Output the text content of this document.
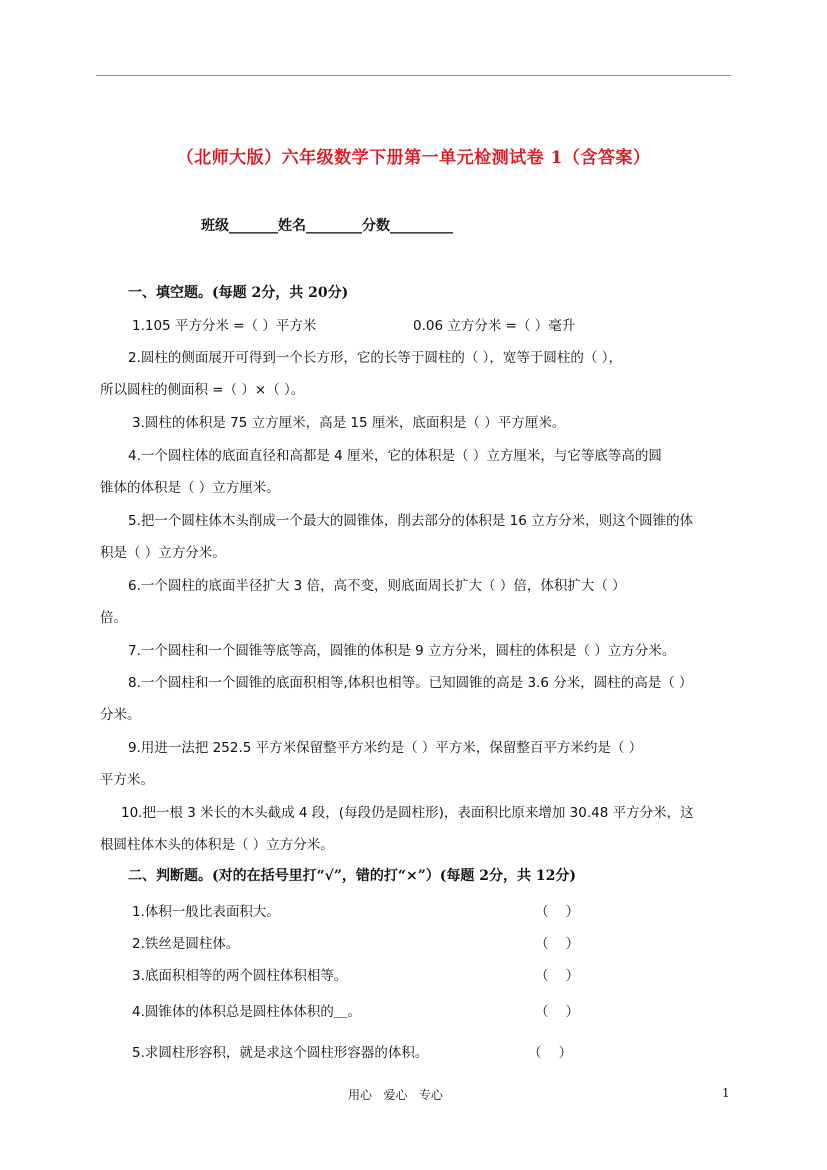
（北师大版）六年级数学下册第一单元检测试卷 1（含答案）
班级_______姓名________分数_________
一、填空题。(每题 2分，共 20分)
1.105 平方分米 =（ ）平方米	0.06 立方分米 =（ ）毫升
2.圆柱的侧面展开可得到一个长方形，它的长等于圆柱的（ ），宽等于圆柱的（ ），
所以圆柱的侧面积 =（ ）×（ ）。
3.圆柱的体积是 75 立方厘米，高是 15 厘米，底面积是（ ）平方厘米。
4.一个圆柱体的底面直径和高都是 4 厘米，它的体积是（ ）立方厘米，与它等底等高的圆
锥体的体积是（ ）立方厘米。
5.把一个圆柱体木头削成一个最大的圆锥体，削去部分的体积是 16 立方分米，则这个圆锥的体
积是（ ）立方分米。
6.一个圆柱的底面半径扩大 3 倍，高不变，则底面周长扩大（ ）倍，体积扩大（ ）
倍。
7.一个圆柱和一个圆锥等底等高，圆锥的体积是 9 立方分米，圆柱的体积是（ ）立方分米。
8.一个圆柱和一个圆锥的底面积相等,体积也相等。已知圆锥的高是 3.6 分米，圆柱的高是（ ）
分米。
9.用进一法把 252.5 平方米保留整平方米约是（ ）平方米，保留整百平方米约是（ ）
平方米。
10.把一根 3 米长的木头截成 4 段，(每段仍是圆柱形)，表面积比原来增加 30.48 平方分米，这
根圆柱体木头的体积是（ ）立方分米。
二、判断题。(对的在括号里打“√”，错的打“×”）(每题 2分，共 12分)
1.体积一般比表面积大。	（    ）
2.铁丝是圆柱体。	（    ）
3.底面积相等的两个圆柱体积相等。	（    ）
4.圆锥体的体积总是圆柱体体积的＿。	（    ）
5.求圆柱形容积，就是求这个圆柱形容器的体积。	（    ）
用心   爱心   专心	1
